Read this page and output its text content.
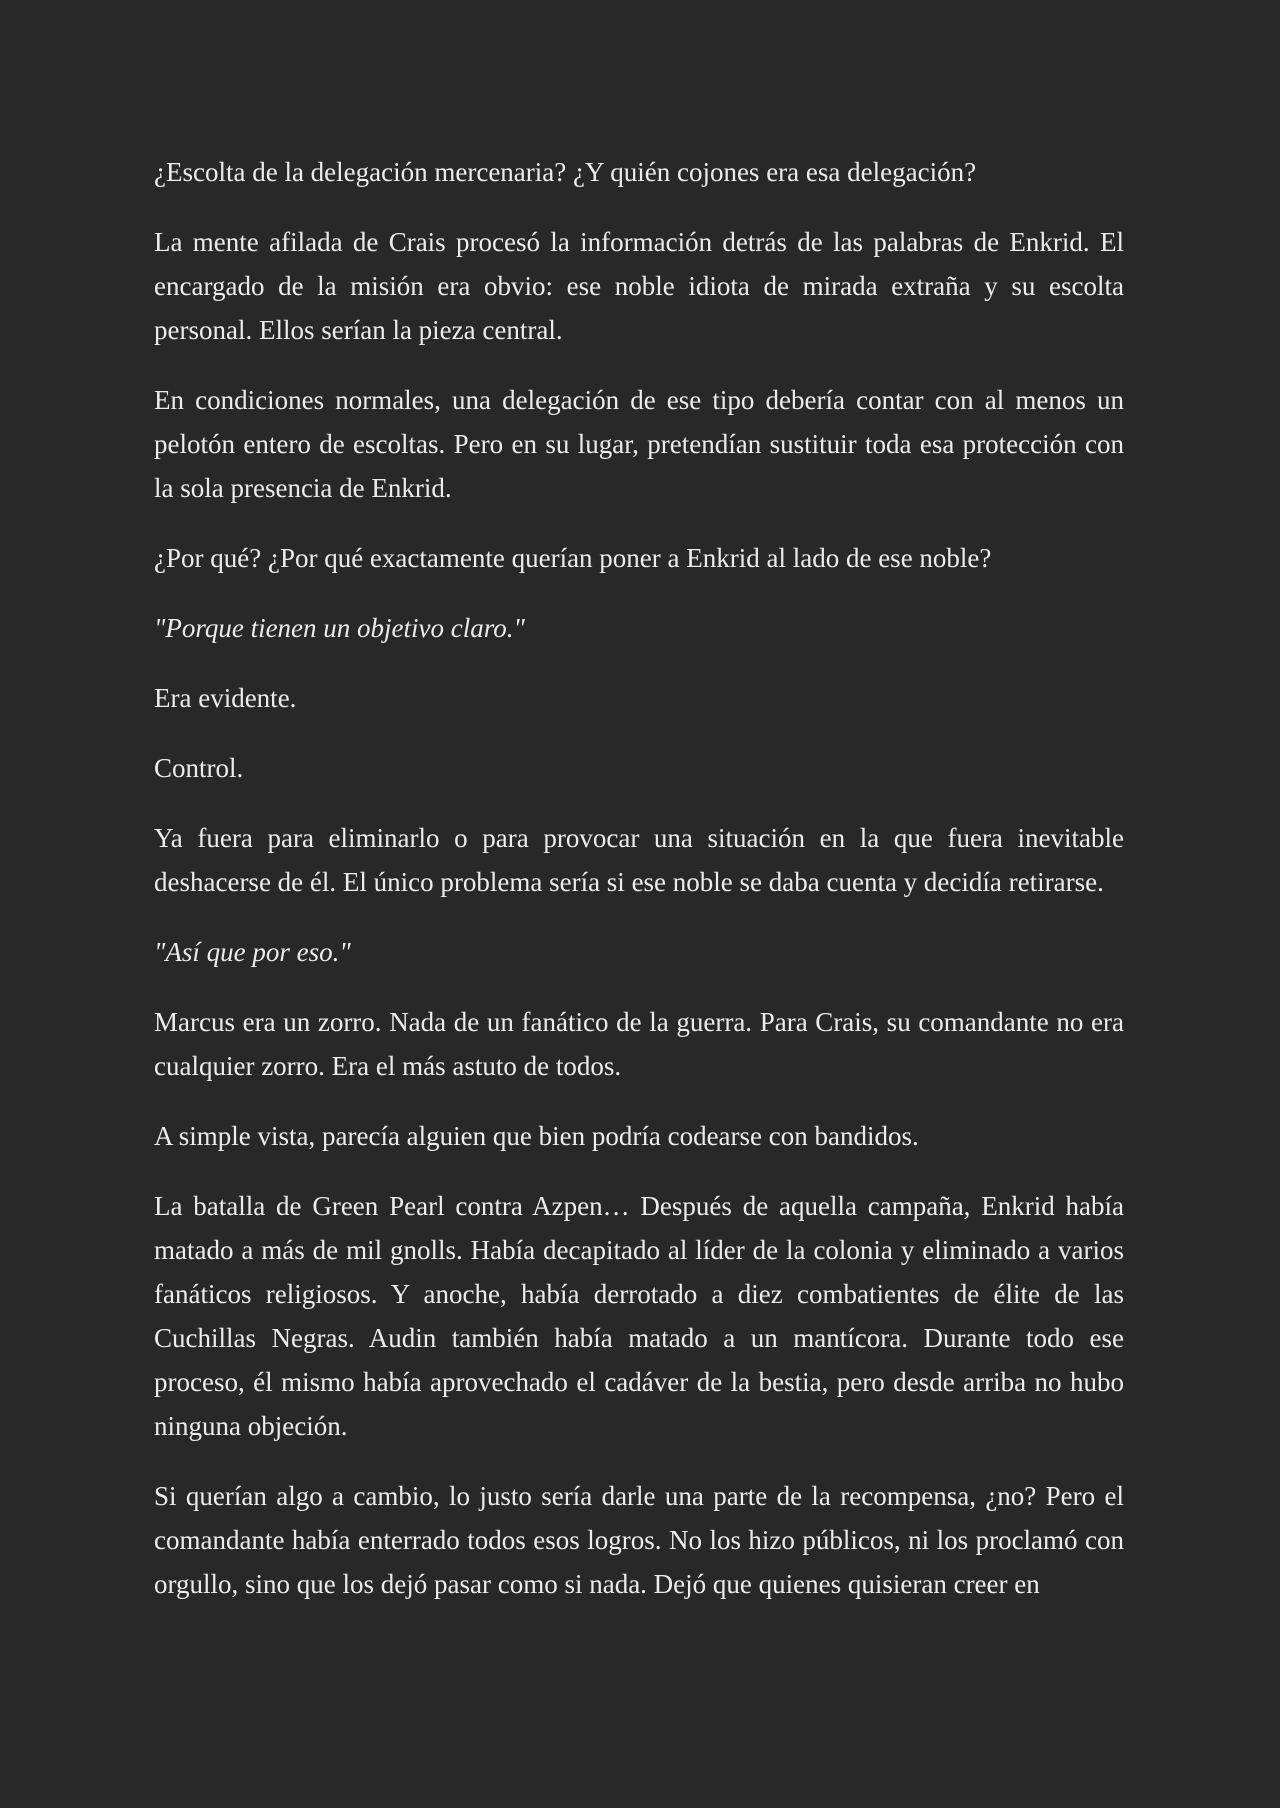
¿Escolta de la delegación mercenaria? ¿Y quién cojones era esa delegación?

La mente afilada de Crais procesó la información detrás de las palabras de Enkrid. El encargado de la misión era obvio: ese noble idiota de mirada extraña y su escolta personal. Ellos serían la pieza central.

En condiciones normales, una delegación de ese tipo debería contar con al menos un pelotón entero de escoltas. Pero en su lugar, pretendían sustituir toda esa protección con la sola presencia de Enkrid.

¿Por qué? ¿Por qué exactamente querían poner a Enkrid al lado de ese noble?

"Porque tienen un objetivo claro."

Era evidente.

Control.

Ya fuera para eliminarlo o para provocar una situación en la que fuera inevitable deshacerse de él. El único problema sería si ese noble se daba cuenta y decidía retirarse.

"Así que por eso."

Marcus era un zorro. Nada de un fanático de la guerra. Para Crais, su comandante no era cualquier zorro. Era el más astuto de todos.

A simple vista, parecía alguien que bien podría codearse con bandidos.

La batalla de Green Pearl contra Azpen… Después de aquella campaña, Enkrid había matado a más de mil gnolls. Había decapitado al líder de la colonia y eliminado a varios fanáticos religiosos. Y anoche, había derrotado a diez combatientes de élite de las Cuchillas Negras. Audin también había matado a un mantícora. Durante todo ese proceso, él mismo había aprovechado el cadáver de la bestia, pero desde arriba no hubo ninguna objeción.

Si querían algo a cambio, lo justo sería darle una parte de la recompensa, ¿no? Pero el comandante había enterrado todos esos logros. No los hizo públicos, ni los proclamó con orgullo, sino que los dejó pasar como si nada. Dejó que quienes quisieran creer en
